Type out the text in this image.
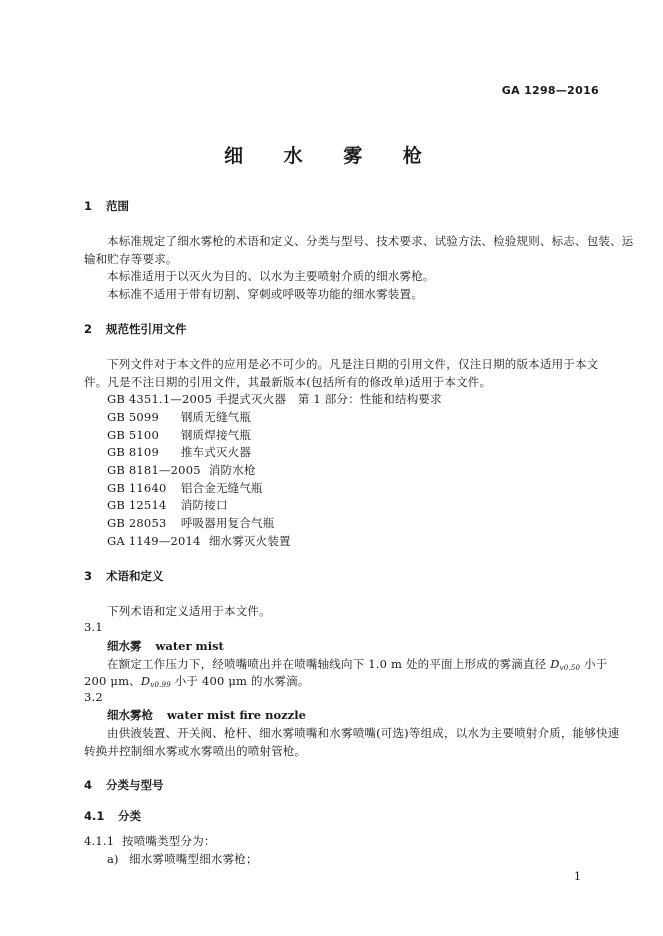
GA 1298—2016
细 水 雾 枪
1 范围
本标准规定了细水雾枪的术语和定义、分类与型号、技术要求、试验方法、检验规则、标志、包装、运
输和贮存等要求。
本标准适用于以灭火为目的、以水为主要喷射介质的细水雾枪。
本标准不适用于带有切割、穿刺或呼吸等功能的细水雾装置。
2 规范性引用文件
下列文件对于本文件的应用是必不可少的。凡是注日期的引用文件，仅注日期的版本适用于本文
件。凡是不注日期的引用文件，其最新版本(包括所有的修改单)适用于本文件。
GB 4351.1—2005 手提式灭火器　第 1 部分：性能和结构要求
GB 5099 钢质无缝气瓶
GB 5100 钢质焊接气瓶
GB 8109 推车式灭火器
GB 8181—2005 消防水枪
GB 11640 铝合金无缝气瓶
GB 12514 消防接口
GB 28053 呼吸器用复合气瓶
GA 1149—2014 细水雾灭火装置
3 术语和定义
下列术语和定义适用于本文件。
3.1
细水雾 water mist
在额定工作压力下，经喷嘴喷出并在喷嘴轴线向下 1.0 m 处的平面上形成的雾滴直径 $D_{v0.50}$ 小于
200 μm、$D_{v0.99}$ 小于 400 μm 的水雾滴。
3.2
细水雾枪 water mist fire nozzle
由供液装置、开关阀、枪杆、细水雾喷嘴和水雾喷嘴(可选)等组成，以水为主要喷射介质，能够快速
转换并控制细水雾或水雾喷出的喷射管枪。
4 分类与型号
4.1 分类
4.1.1 按喷嘴类型分为：
a) 细水雾喷嘴型细水雾枪；
1
